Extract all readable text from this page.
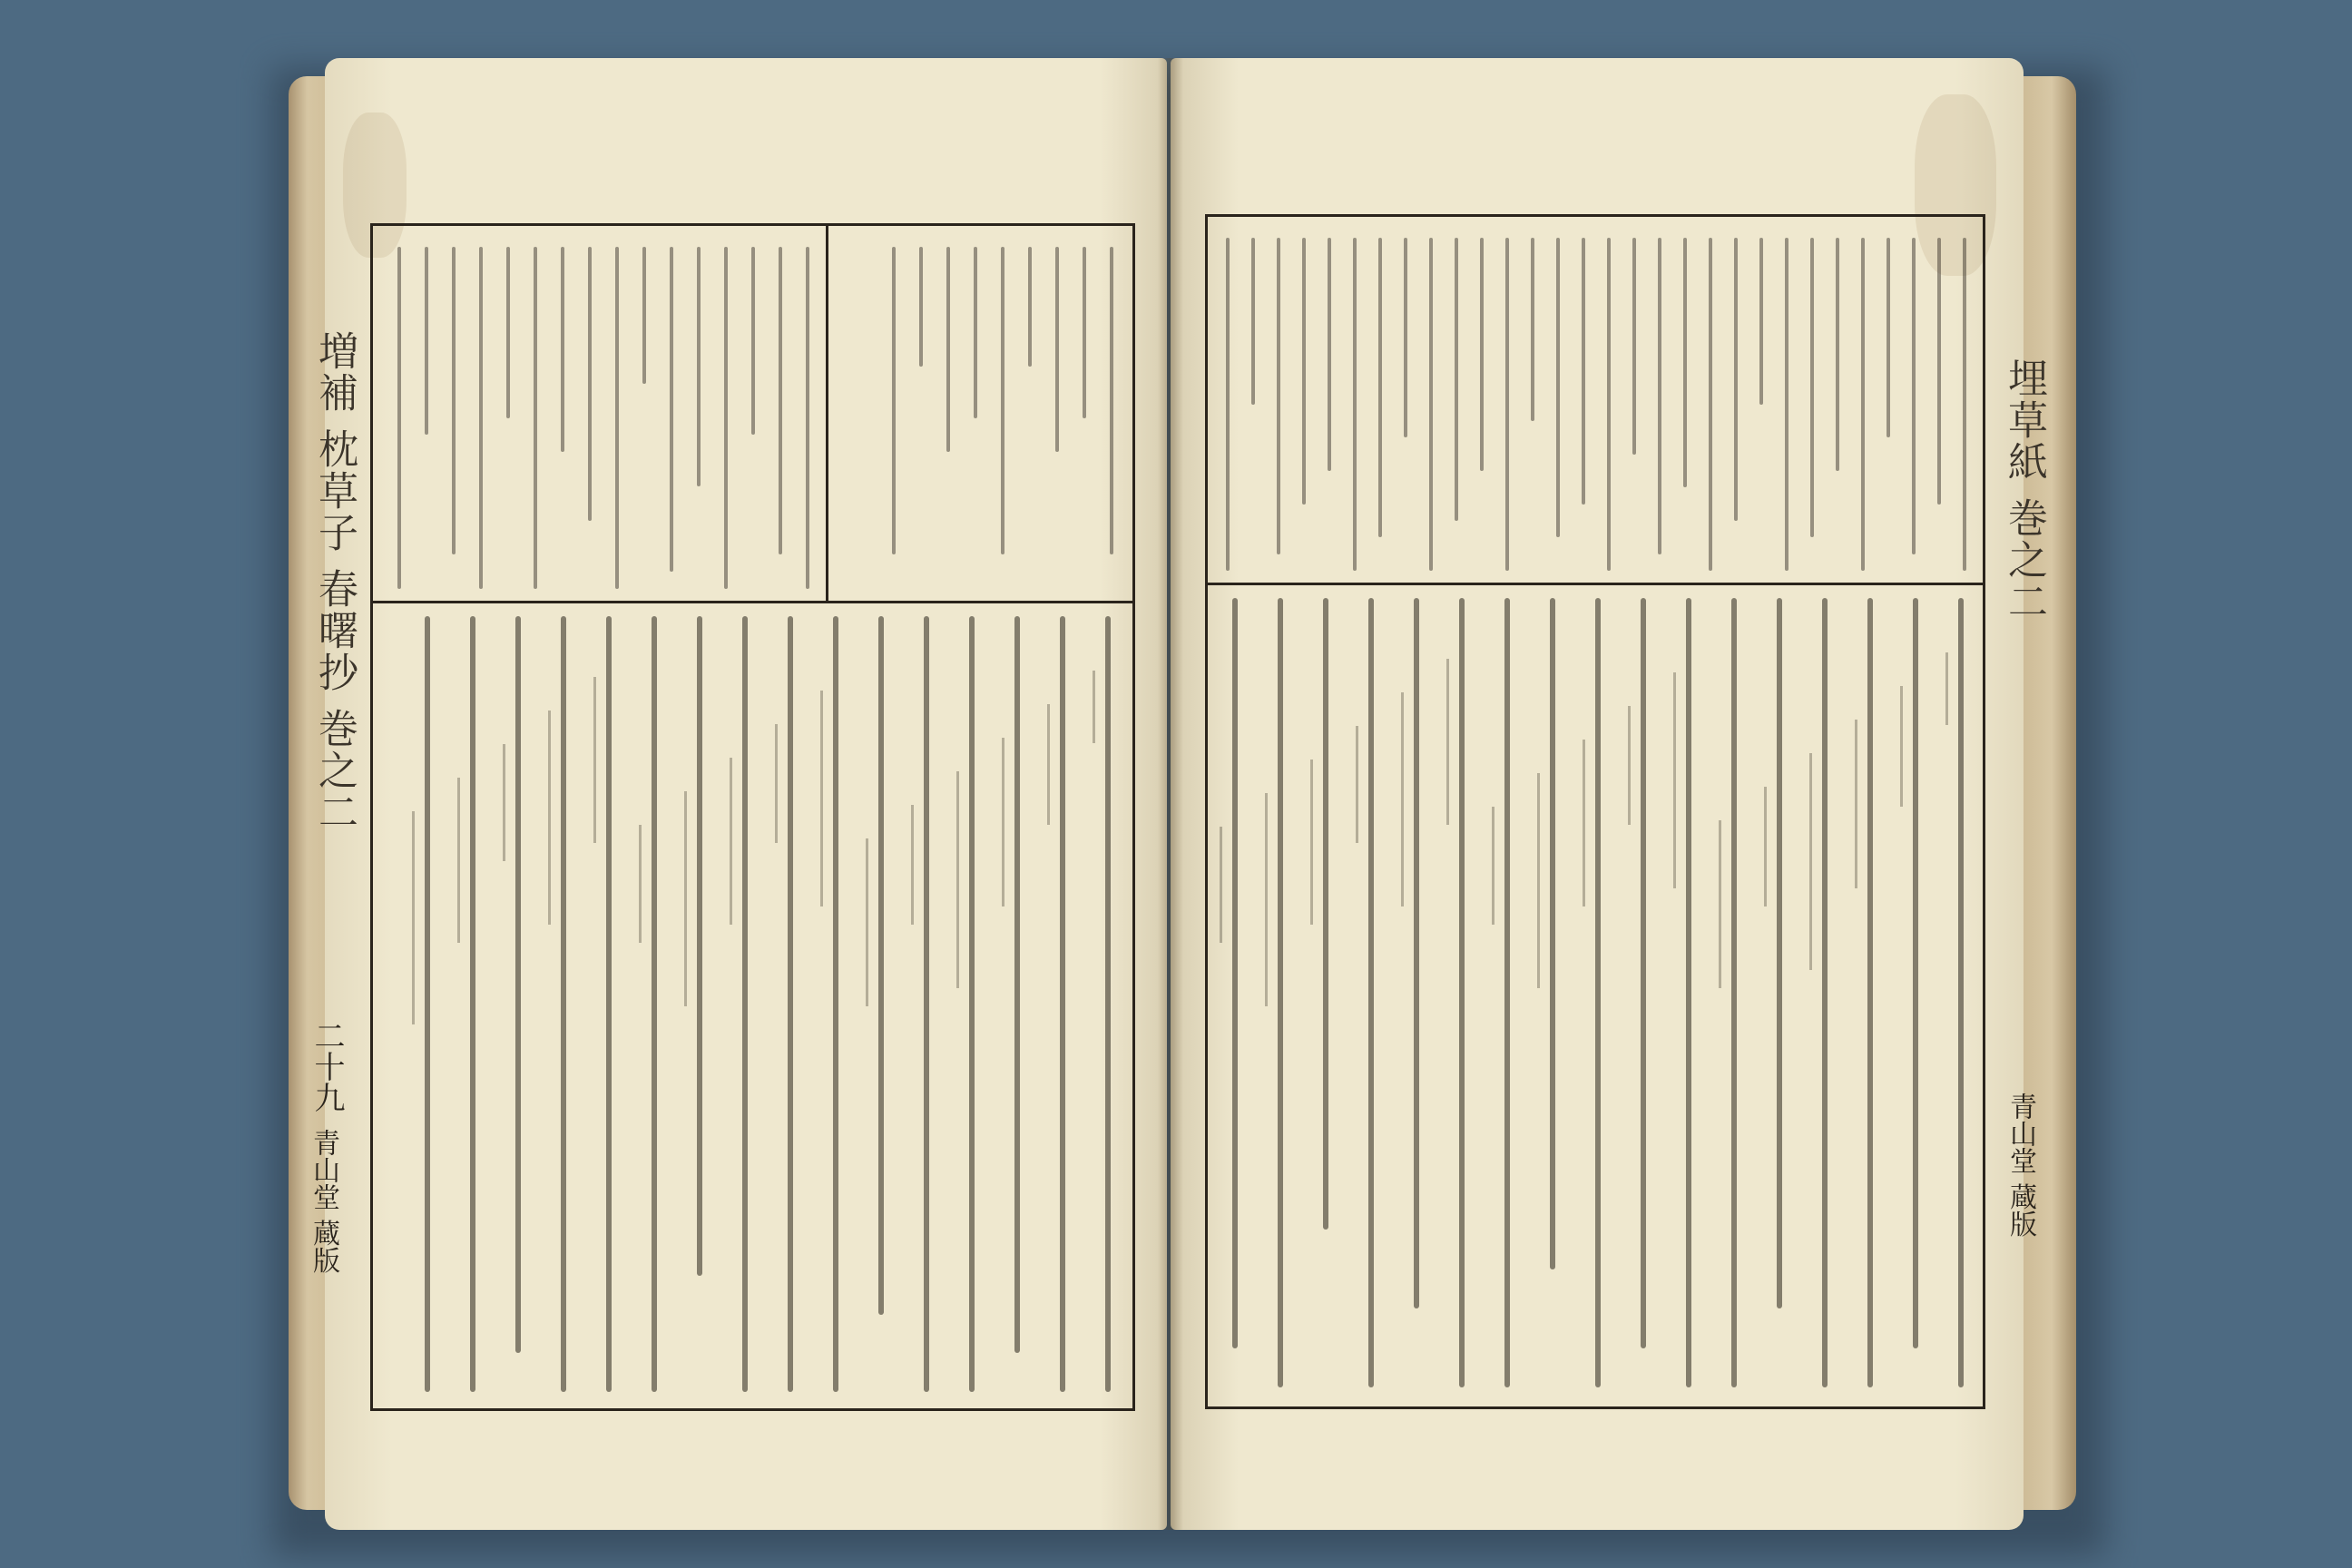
増補 枕草子 春曙抄 巻之二
二十九
青山堂 蔵版
埋草紙 巻之二
青山堂 蔵版
